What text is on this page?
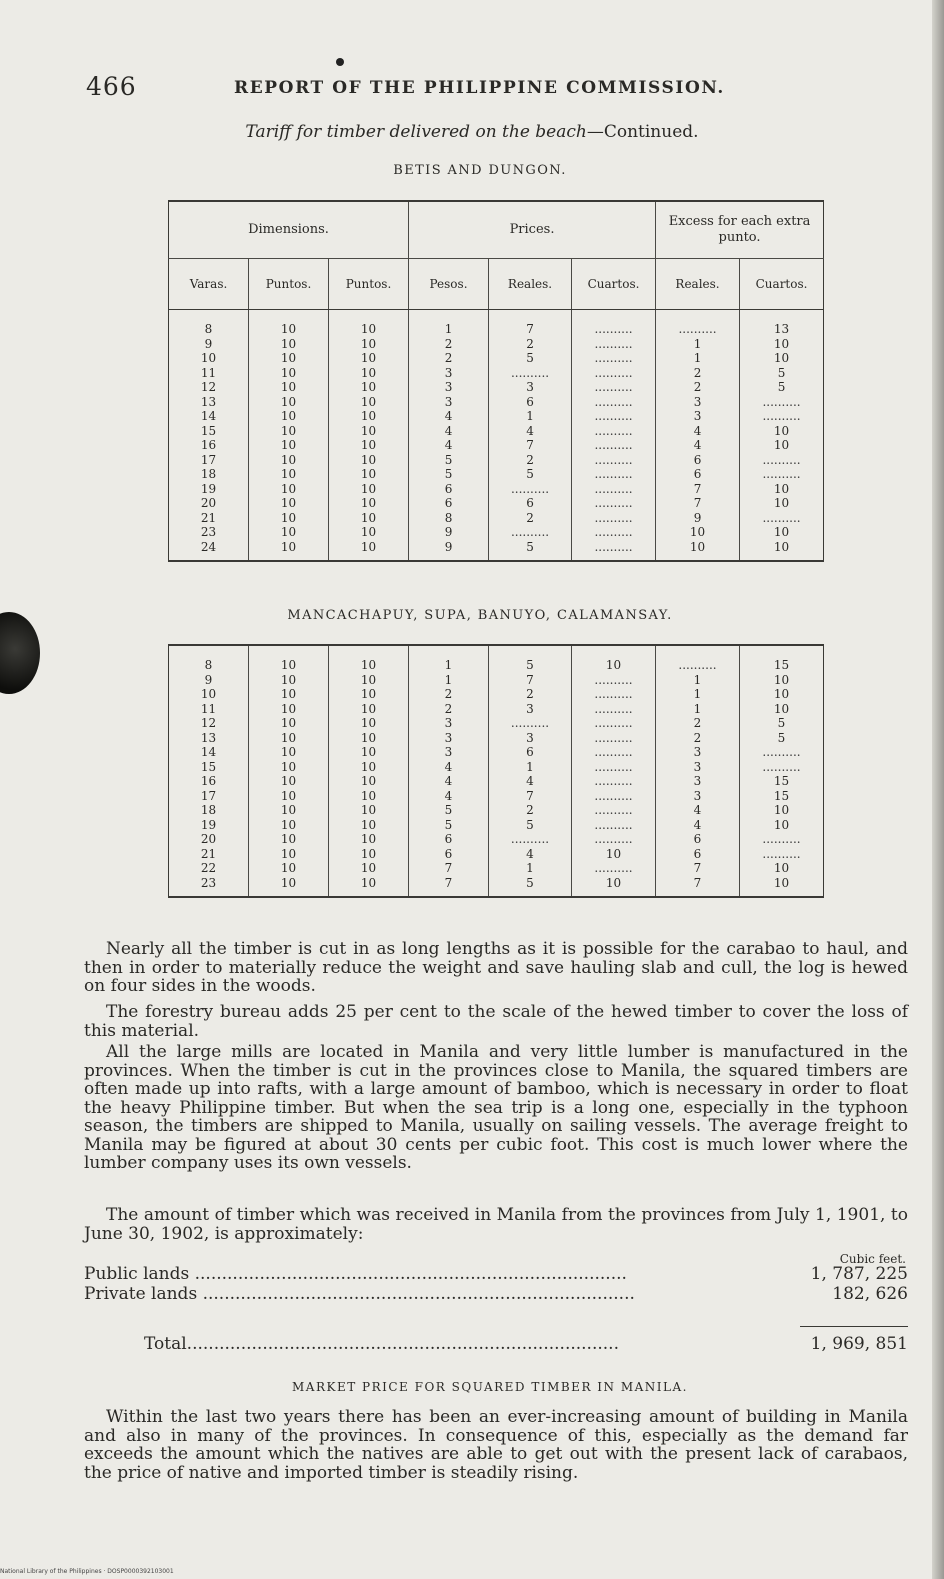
466	REPORT OF THE PHILIPPINE COMMISSION.
Tariff for timber delivered on the beach—Continued.
BETIS AND DUNGON.
Dimensions.			Prices.			Excess for each extra punto.	
Varas.	Puntos.	Puntos.	Pesos.	Reales.	Cuartos.	Reales.	Cuartos.

8	10	10	1	7	..........	..........	13
9	10	10	2	2	..........	1	10
10	10	10	2	5	..........	1	10
11	10	10	3	..........	..........	2	5
12	10	10	3	3	..........	2	5
13	10	10	3	6	..........	3	..........
14	10	10	4	1	..........	3	..........
15	10	10	4	4	..........	4	10
16	10	10	4	7	..........	4	10
17	10	10	5	2	..........	6	..........
18	10	10	5	5	..........	6	..........
19	10	10	6	..........	..........	7	10
20	10	10	6	6	..........	7	10
21	10	10	8	2	..........	9	..........
23	10	10	9	..........	..........	10	10
24	10	10	9	5	..........	10	10

MANCACHAPUY, SUPA, BANUYO, CALAMANSAY.

8	10	10	1	5	10	..........	15
9	10	10	1	7	..........	1	10
10	10	10	2	2	..........	1	10
11	10	10	2	3	..........	1	10
12	10	10	3	..........	..........	2	5
13	10	10	3	3	..........	2	5
14	10	10	3	6	..........	3	..........
15	10	10	4	1	..........	3	..........
16	10	10	4	4	..........	3	15
17	10	10	4	7	..........	3	15
18	10	10	5	2	..........	4	10
19	10	10	5	5	..........	4	10
20	10	10	6	..........	..........	6	..........
21	10	10	6	4	10	6	..........
22	10	10	7	1	..........	7	10
23	10	10	7	5	10	7	10

Nearly all the timber is cut in as long lengths as it is possible for the carabao to haul, and then in order to materially reduce the weight and save hauling slab and cull, the log is hewed on four sides in the woods.

The forestry bureau adds 25 per cent to the scale of the hewed timber to cover the loss of this material.

All the large mills are located in Manila and very little lumber is manufactured in the provinces. When the timber is cut in the provinces close to Manila, the squared timbers are often made up into rafts, with a large amount of bamboo, which is necessary in order to float the heavy Philippine timber. But when the sea trip is a long one, especially in the typhoon season, the timbers are shipped to Manila, usually on sailing vessels. The average freight to Manila may be figured at about 30 cents per cubic foot. This cost is much lower where the lumber company uses its own vessels.

The amount of timber which was received in Manila from the provinces from July 1, 1901, to June 30, 1902, is approximately:

Cubic feet.
Public lands ................................................................................	1, 787, 225
Private lands ................................................................................	182, 626
Total................................................................................	1, 969, 851
MARKET PRICE FOR SQUARED TIMBER IN MANILA.

Within the last two years there has been an ever-increasing amount of building in Manila and also in many of the provinces. In consequence of this, especially as the demand far exceeds the amount which the natives are able to get out with the present lack of carabaos, the price of native and imported timber is steadily rising.

National Library of the Philippines · DOSP0000392103001
